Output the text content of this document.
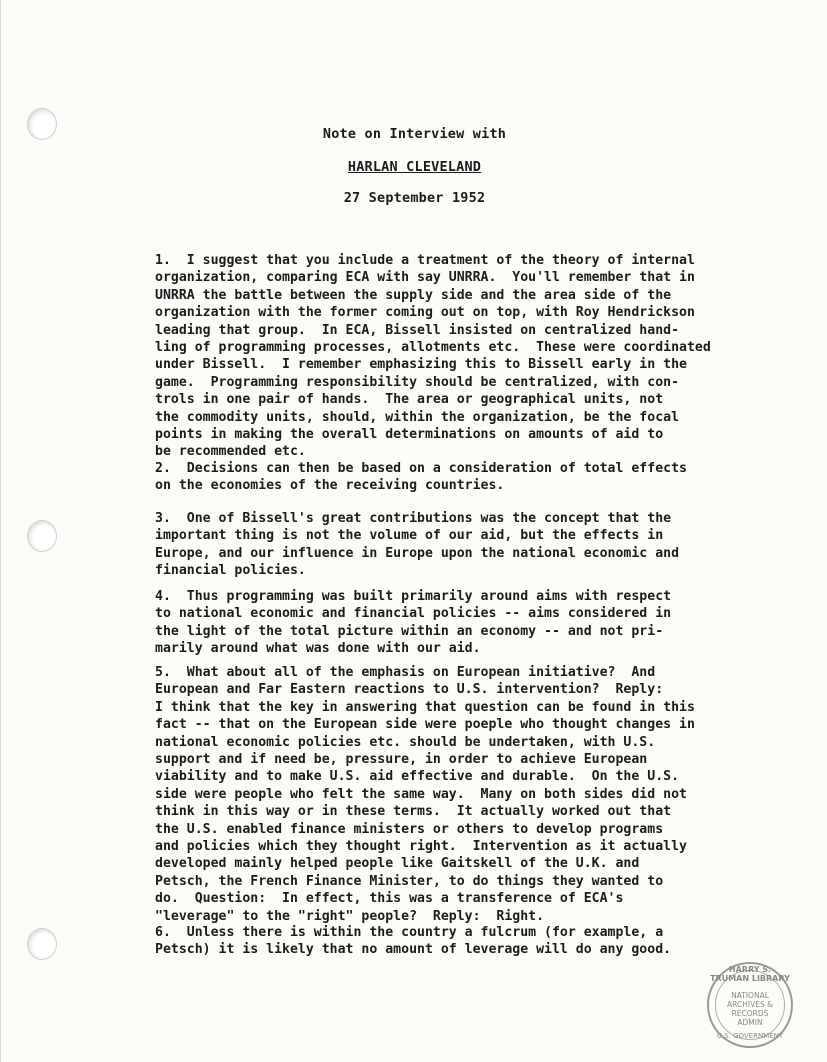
Note on Interview with
HARLAN CLEVELAND
27 September 1952

1.  I suggest that you include a treatment of the theory of internal
organization, comparing ECA with say UNRRA.  You'll remember that in
UNRRA the battle between the supply side and the area side of the
organization with the former coming out on top, with Roy Hendrickson
leading that group.  In ECA, Bissell insisted on centralized hand-
ling of programming processes, allotments etc.  These were coordinated
under Bissell.  I remember emphasizing this to Bissell early in the
game.  Programming responsibility should be centralized, with con-
trols in one pair of hands.  The area or geographical units, not
the commodity units, should, within the organization, be the focal
points in making the overall determinations on amounts of aid to
be recommended etc.

2.  Decisions can then be based on a consideration of total effects
on the economies of the receiving countries.

3.  One of Bissell's great contributions was the concept that the
important thing is not the volume of our aid, but the effects in
Europe, and our influence in Europe upon the national economic and
financial policies.

4.  Thus programming was built primarily around aims with respect
to national economic and financial policies -- aims considered in
the light of the total picture within an economy -- and not pri-
marily around what was done with our aid.

5.  What about all of the emphasis on European initiative?  And
European and Far Eastern reactions to U.S. intervention?  Reply:
I think that the key in answering that question can be found in this
fact -- that on the European side were poeple who thought changes in
national economic policies etc. should be undertaken, with U.S.
support and if need be, pressure, in order to achieve European
viability and to make U.S. aid effective and durable.  On the U.S.
side were people who felt the same way.  Many on both sides did not
think in this way or in these terms.  It actually worked out that
the U.S. enabled finance ministers or others to develop programs
and policies which they thought right.  Intervention as it actually
developed mainly helped people like Gaitskell of the U.K. and
Petsch, the French Finance Minister, to do things they wanted to
do.  Question:  In effect, this was a transference of ECA's
"leverage" to the "right" people?  Reply:  Right.

6.  Unless there is within the country a fulcrum (for example, a
Petsch) it is likely that no amount of leverage will do any good.

HARRY S. TRUMAN LIBRARY
NATIONAL
ARCHIVES &
RECORDS
ADMIN
U.S. GOVERNMENT
